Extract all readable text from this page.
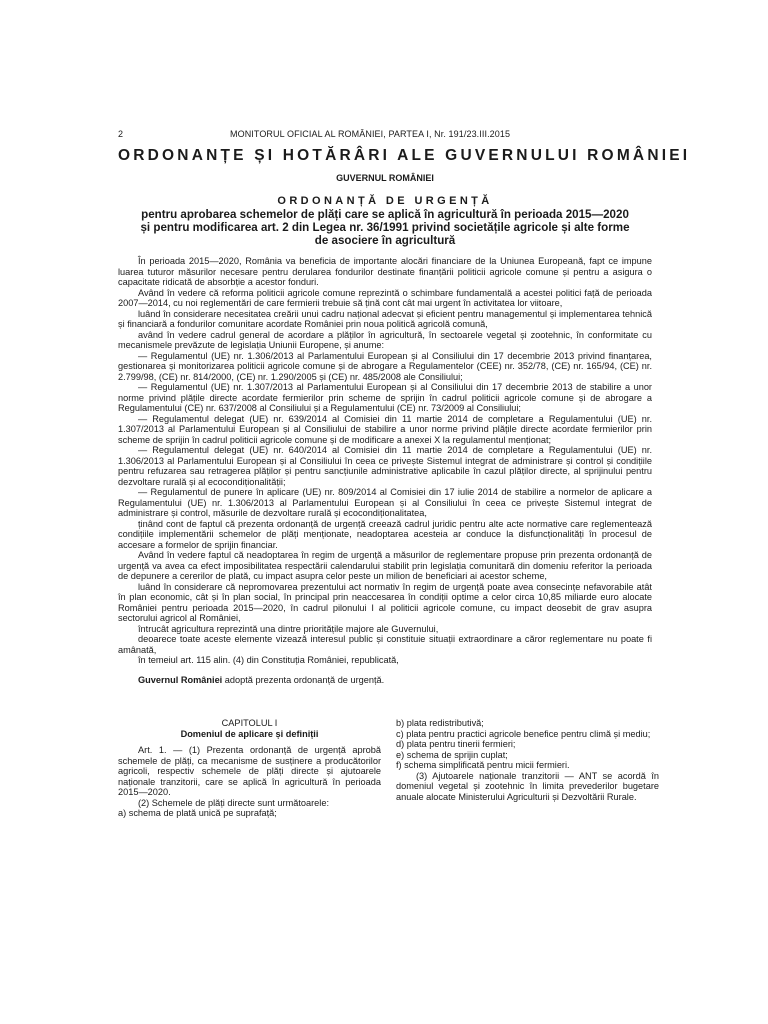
2	MONITORUL OFICIAL AL ROMÂNIEI, PARTEA I, Nr. 191/23.III.2015
ORDONANȚE ȘI HOTĂRÂRI ALE GUVERNULUI ROMÂNIEI
GUVERNUL ROMÂNIEI
ORDONANȚĂ DE URGENȚĂ
pentru aprobarea schemelor de plăți care se aplică în agricultură în perioada 2015—2020
și pentru modificarea art. 2 din Legea nr. 36/1991 privind societățile agricole și alte forme
de asociere în agricultură

În perioada 2015—2020, România va beneficia de importante alocări financiare de la Uniunea Europeană, fapt ce impune luarea tuturor măsurilor necesare pentru derularea fondurilor destinate finanțării politicii agricole comune și pentru a asigura o capacitate ridicată de absorbție a acestor fonduri.

Având în vedere că reforma politicii agricole comune reprezintă o schimbare fundamentală a acestei politici față de perioada 2007—2014, cu noi reglementări de care fermierii trebuie să țină cont cât mai urgent în activitatea lor viitoare,

luând în considerare necesitatea creării unui cadru național adecvat și eficient pentru managementul și implementarea tehnică și financiară a fondurilor comunitare acordate României prin noua politică agricolă comună,

având în vedere cadrul general de acordare a plăților în agricultură, în sectoarele vegetal și zootehnic, în conformitate cu mecanismele prevăzute de legislația Uniunii Europene, și anume:

— Regulamentul (UE) nr. 1.306/2013 al Parlamentului European și al Consiliului din 17 decembrie 2013 privind finanțarea, gestionarea și monitorizarea politicii agricole comune și de abrogare a Regulamentelor (CEE) nr. 352/78, (CE) nr. 165/94, (CE) nr. 2.799/98, (CE) nr. 814/2000, (CE) nr. 1.290/2005 și (CE) nr. 485/2008 ale Consiliului;

— Regulamentul (UE) nr. 1.307/2013 al Parlamentului European și al Consiliului din 17 decembrie 2013 de stabilire a unor norme privind plățile directe acordate fermierilor prin scheme de sprijin în cadrul politicii agricole comune și de abrogare a Regulamentului (CE) nr. 637/2008 al Consiliului și a Regulamentului (CE) nr. 73/2009 al Consiliului;

— Regulamentul delegat (UE) nr. 639/2014 al Comisiei din 11 martie 2014 de completare a Regulamentului (UE) nr. 1.307/2013 al Parlamentului European și al Consiliului de stabilire a unor norme privind plățile directe acordate fermierilor prin scheme de sprijin în cadrul politicii agricole comune și de modificare a anexei X la regulamentul menționat;

— Regulamentul delegat (UE) nr. 640/2014 al Comisiei din 11 martie 2014 de completare a Regulamentului (UE) nr. 1.306/2013 al Parlamentului European și al Consiliului în ceea ce privește Sistemul integrat de administrare și control și condițiile pentru refuzarea sau retragerea plăților și pentru sancțiunile administrative aplicabile în cazul plăților directe, al sprijinului pentru dezvoltare rurală și al ecocondiționalității;

— Regulamentul de punere în aplicare (UE) nr. 809/2014 al Comisiei din 17 iulie 2014 de stabilire a normelor de aplicare a Regulamentului (UE) nr. 1.306/2013 al Parlamentului European și al Consiliului în ceea ce privește Sistemul integrat de administrare și control, măsurile de dezvoltare rurală și ecocondiționalitatea,

ținând cont de faptul că prezenta ordonanță de urgență creează cadrul juridic pentru alte acte normative care reglementează condițiile implementării schemelor de plăți menționate, neadoptarea acesteia ar conduce la disfuncționalități în procesul de accesare a formelor de sprijin financiar.

Având în vedere faptul că neadoptarea în regim de urgență a măsurilor de reglementare propuse prin prezenta ordonanță de urgență va avea ca efect imposibilitatea respectării calendarului stabilit prin legislația comunitară din domeniu referitor la perioada de depunere a cererilor de plată, cu impact asupra celor peste un milion de beneficiari ai acestor scheme,

luând în considerare că nepromovarea prezentului act normativ în regim de urgență poate avea consecințe nefavorabile atât în plan economic, cât și în plan social, în principal prin neaccesarea în condiții optime a celor circa 10,85 miliarde euro alocate României pentru perioada 2015—2020, în cadrul pilonului I al politicii agricole comune, cu impact deosebit de grav asupra sectorului agricol al României,

întrucât agricultura reprezintă una dintre prioritățile majore ale Guvernului,

deoarece toate aceste elemente vizează interesul public și constituie situații extraordinare a căror reglementare nu poate fi amânată,

în temeiul art. 115 alin. (4) din Constituția României, republicată,

Guvernul României adoptă prezenta ordonanță de urgență.

CAPITOLUL I

Domeniul de aplicare și definiții

Art. 1. — (1) Prezenta ordonanță de urgență aprobă schemele de plăți, ca mecanisme de susținere a producătorilor agricoli, respectiv schemele de plăți directe și ajutoarele naționale tranzitorii, care se aplică în agricultură în perioada 2015—2020.

(2) Schemele de plăți directe sunt următoarele:

a) schema de plată unică pe suprafață;

b) plata redistributivă;

c) plata pentru practici agricole benefice pentru climă și mediu;

d) plata pentru tinerii fermieri;

e) schema de sprijin cuplat;

f) schema simplificată pentru micii fermieri.

(3) Ajutoarele naționale tranzitorii — ANT se acordă în domeniul vegetal și zootehnic în limita prevederilor bugetare anuale alocate Ministerului Agriculturii și Dezvoltării Rurale.
